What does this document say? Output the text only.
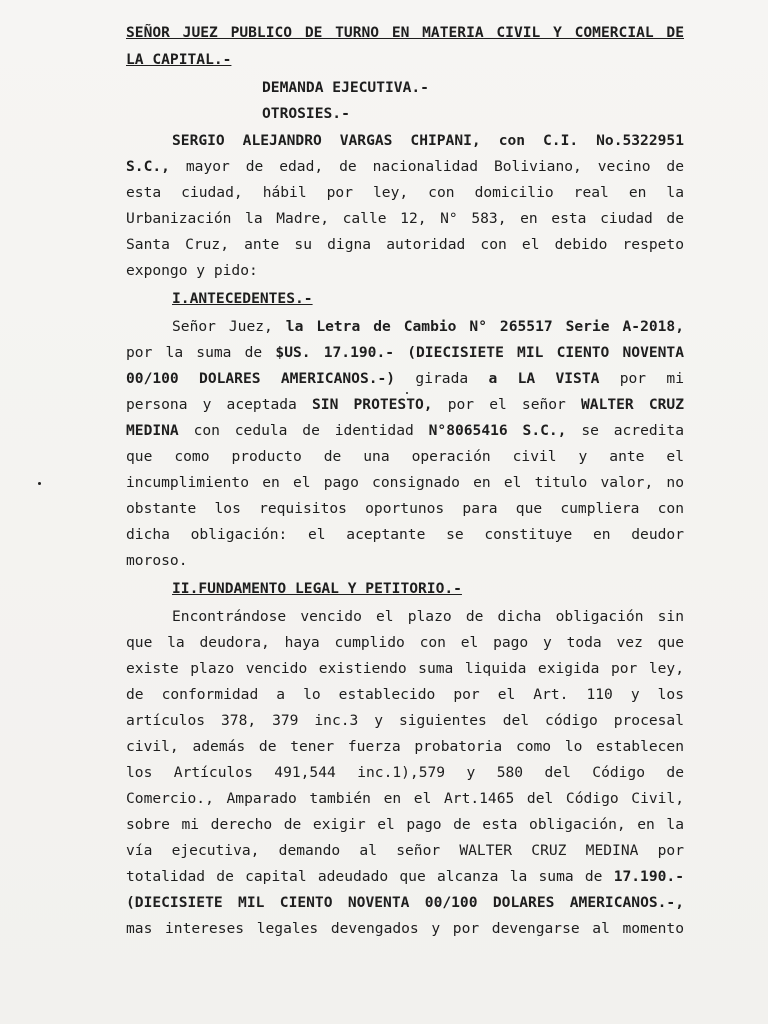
SEÑOR JUEZ PUBLICO DE TURNO EN MATERIA CIVIL Y COMERCIAL DE
LA CAPITAL.-
DEMANDA EJECUTIVA.-
OTROSIES.-
SERGIO ALEJANDRO VARGAS CHIPANI, con C.I. No.5322951
S.C., mayor de edad, de nacionalidad Boliviano, vecino de
esta ciudad, hábil por ley, con domicilio real en la
Urbanización la Madre, calle 12, N° 583, en esta ciudad de
Santa Cruz, ante su digna autoridad con el debido respeto
expongo y pido:
I.ANTECEDENTES.-
Señor Juez, la Letra de Cambio N° 265517 Serie A-2018,
por la suma de $US. 17.190.- (DIECISIETE MIL CIENTO NOVENTA
00/100 DOLARES AMERICANOS.-) girada a LA VISTA por mi
persona y aceptada SIN PROTESTO, por el señor WALTER CRUZ
MEDINA con cedula de identidad N°8065416 S.C., se acredita
que como producto de una operación civil y ante el
incumplimiento en el pago consignado en el titulo valor, no
obstante los requisitos oportunos para que cumpliera con
dicha obligación: el aceptante se constituye en deudor
moroso.
II.FUNDAMENTO LEGAL Y PETITORIO.-
Encontrándose vencido el plazo de dicha obligación sin
que la deudora, haya cumplido con el pago y toda vez que
existe plazo vencido existiendo suma liquida exigida por ley,
de conformidad a lo establecido por el Art. 110 y los
artículos 378, 379 inc.3 y siguientes del código procesal
civil, además de tener fuerza probatoria como lo establecen
los Artículos 491,544 inc.1),579 y 580 del Código de
Comercio., Amparado también en el Art.1465 del Código Civil,
sobre mi derecho de exigir el pago de esta obligación, en la
vía ejecutiva, demando al señor WALTER CRUZ MEDINA por
totalidad de capital adeudado que alcanza la suma de 17.190.-
(DIECISIETE MIL CIENTO NOVENTA 00/100 DOLARES AMERICANOS.-,
mas intereses legales devengados y por devengarse al momento
